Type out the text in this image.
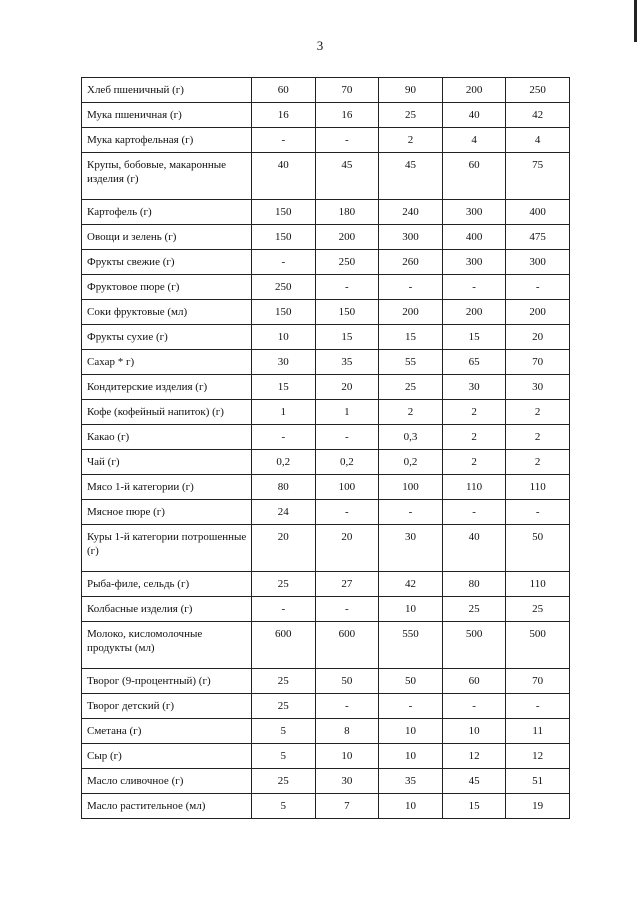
3
Хлеб пшеничный (г)	60	70	90	200	250
Мука пшеничная (г)	16	16	25	40	42
Мука картофельная (г)	-	-	2	4	4
Крупы, бобовые, макаронные изделия (г)	40	45	45	60	75
Картофель (г)	150	180	240	300	400
Овощи и зелень (г)	150	200	300	400	475
Фрукты свежие (г)	-	250	260	300	300
Фруктовое пюре (г)	250	-	-	-	-
Соки фруктовые (мл)	150	150	200	200	200
Фрукты сухие (г)	10	15	15	15	20
Сахар * г)	30	35	55	65	70
Кондитерские изделия (г)	15	20	25	30	30
Кофе (кофейный напиток) (г)	1	1	2	2	2
Какао (г)	-	-	0,3	2	2
Чай (г)	0,2	0,2	0,2	2	2
Мясо 1-й категории (г)	80	100	100	110	110
Мясное пюре (г)	24	-	-	-	-
Куры 1-й категории потрошенные (г)	20	20	30	40	50
Рыба-филе, сельдь (г)	25	27	42	80	110
Колбасные изделия (г)	-	-	10	25	25
Молоко, кисломолочные продукты (мл)	600	600	550	500	500
Творог (9-процентный) (г)	25	50	50	60	70
Творог детский (г)	25	-	-	-	-
Сметана (г)	5	8	10	10	11
Сыр (г)	5	10	10	12	12
Масло сливочное (г)	25	30	35	45	51
Масло растительное (мл)	5	7	10	15	19
